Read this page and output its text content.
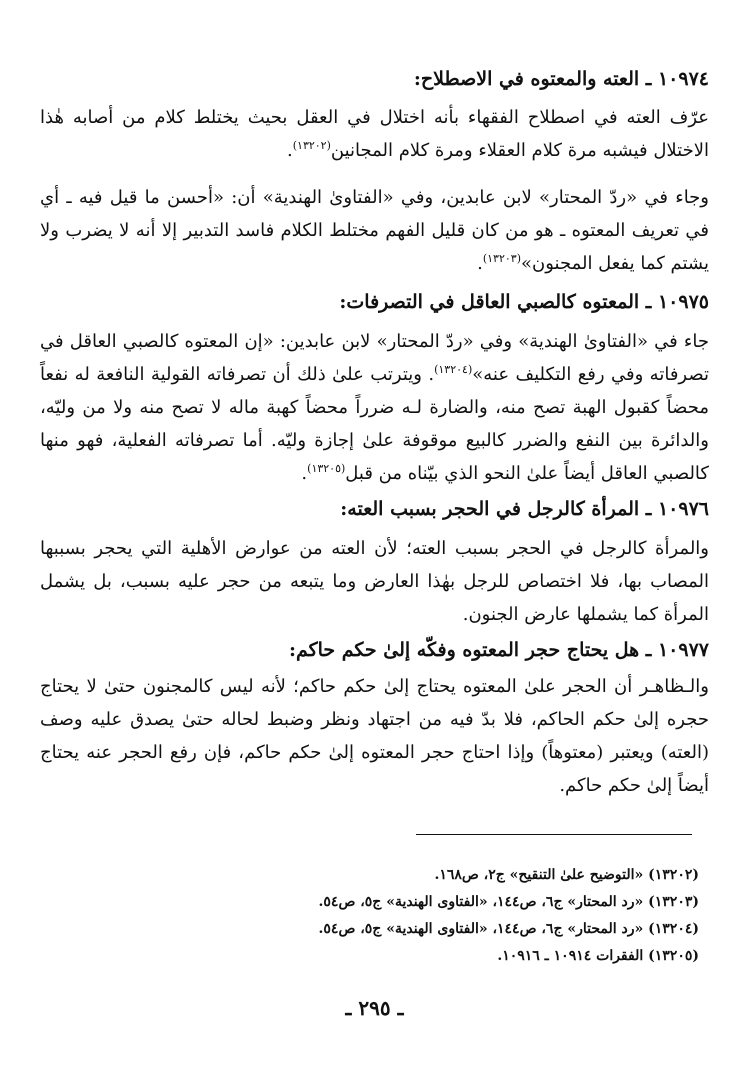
١٠٩٧٤ ـ العته والمعتوه في الاصطلاح:

عرّف العته في اصطلاح الفقهاء بأنه اختلال في العقل بحيث يختلط كلام من أصابه هٰذا الاختلال فيشبه مرة كلام العقلاء ومرة كلام المجانين$^{(١٣٢٠٢)}$.

وجاء في «ردّ المحتار» لابن عابدين، وفي «الفتاوىٰ الهندية» أن: «أحسن ما قيل فيه ـ أي في تعريف المعتوه ـ هو من كان قليل الفهم مختلط الكلام فاسد التدبير إلا أنه لا يضرب ولا يشتم كما يفعل المجنون»$^{(١٣٢٠٣)}$.

١٠٩٧٥ ـ المعتوه كالصبي العاقل في التصرفات:

جاء في «الفتاوىٰ الهندية» وفي «ردّ المحتار» لابن عابدين: «إن المعتوه كالصبي العاقل في تصرفاته وفي رفع التكليف عنه»$^{(١٣٢٠٤)}$. ويترتب علىٰ ذلك أن تصرفاته القولية النافعة له نفعاً محضاً كقبول الهبة تصح منه، والضارة لـه ضرراً محضاً كهبة ماله لا تصح منه ولا من وليّه، والدائرة بين النفع والضرر كالبيع موقوفة علىٰ إجازة وليّه. أما تصرفاته الفعلية، فهو منها كالصبي العاقل أيضاً علىٰ النحو الذي بيّناه من قبل$^{(١٣٢٠٥)}$.

١٠٩٧٦ ـ المرأة كالرجل في الحجر بسبب العته:

والمرأة كالرجل في الحجر بسبب العته؛ لأن العته من عوارض الأهلية التي يحجر بسببها المصاب بها، فلا اختصاص للرجل بهٰذا العارض وما يتبعه من حجر عليه بسبب، بل يشمل المرأة كما يشملها عارض الجنون.

١٠٩٧٧ ـ هل يحتاج حجر المعتوه وفكّه إلىٰ حكم حاكم:

والـظاهـر أن الحجر علىٰ المعتوه يحتاج إلىٰ حكم حاكم؛ لأنه ليس كالمجنون حتىٰ لا يحتاج حجره إلىٰ حكم الحاكم، فلا بدّ فيه من اجتهاد ونظر وضبط لحاله حتىٰ يصدق عليه وصف (العته) ويعتبر (معتوهاً) وإذا احتاج حجر المعتوه إلىٰ حكم حاكم، فإن رفع الحجر عنه يحتاج أيضاً إلىٰ حكم حاكم.

(١٣٢٠٢) «التوضيح علىٰ التنقيح» ج٢، ص١٦٨.
(١٣٢٠٣) «رد المحتار» ج٦، ص١٤٤، «الفتاوى الهندية» ج٥، ص٥٤.
(١٣٢٠٤) «رد المحتار» ج٦، ص١٤٤، «الفتاوى الهندية» ج٥، ص٥٤.
(١٣٢٠٥) الفقرات ١٠٩١٤ ـ ١٠٩١٦.
ـ ٢٩٥ ـ
